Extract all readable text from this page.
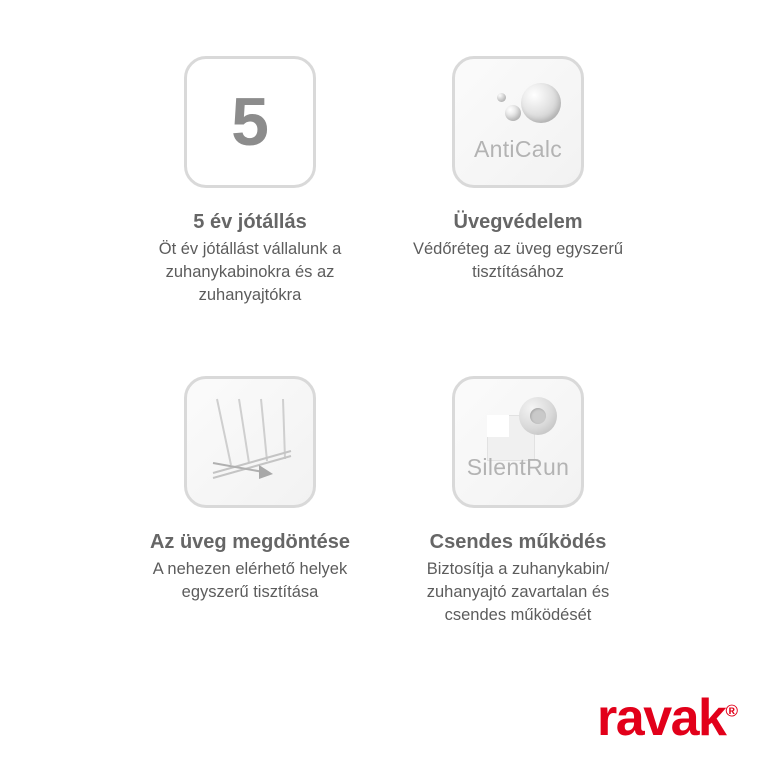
5
5 év jótállás
Öt év jótállást vállalunk a zuhanykabinokra és az zuhanyajtókra
AntiCalc
Üvegvédelem
Védőréteg az üveg egyszerű tisztításához
Az üveg megdöntése
A nehezen elérhető helyek egyszerű tisztítása
SilentRun
Csendes működés
Biztosítja a zuhanykabin/ zuhanyajtó zavartalan és csendes működését
ravak®
